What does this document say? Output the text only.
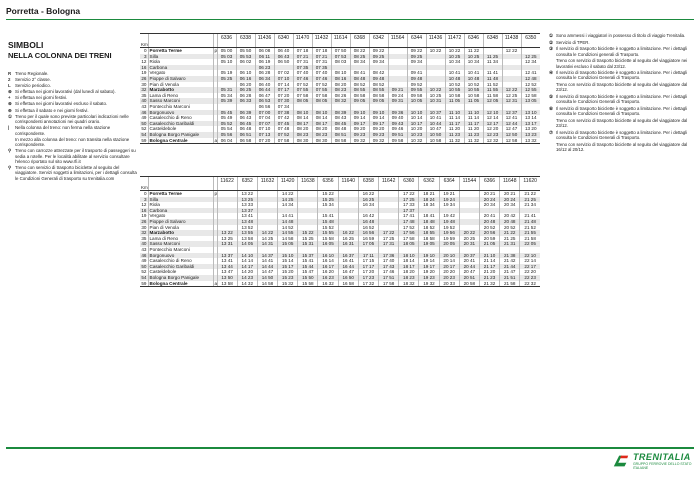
Porretta - Bologna
SIMBOLI
NELLA COLONNA DEI TRENI
R Treno Regionale.
2	Servizio 2° classe.
L Servizio periodico.
⊗ Si effettua nei giorni lavorativi (dal lunedì al sabato).
+	Si effettua nei giorni festivi.
⊗ Si effettua nei giorni lavorativi escluso il sabato.
⊕ Si effettua il sabato e nei giorni festivi.
① Treno per il quale sono previste particolari indicazioni nelle corrispondenti annotazioni nei quadri orario.
|	Nella colonna del treno: non ferma nella stazione corrispondente.
In mezzo alla colonna del treno: non transita nella stazione corrispondente.
⚲ Treno con carrozze attrezzate per il trasporto di passeggeri su sedia a rotelle. Per le località abilitate al servizio consultare l'elenco riportato sul sito www.rfi.it
⚲ Treno con servizio di trasporto biciclette al seguito del viaggiatore. Servizi soggetti a limitazioni, per i dettagli consulta le Condizioni Generali di trasporto su trenitalia.com
			6336	6338	11436	6340	11470	11432	11614	6368	6342	11564	6344	11436	11472	6346	6348	11438	6350
Km																			
0	Porretta Terme	p	05 00	05 50	06 08	06 40	07 18	07 18	07 50	08 22	09 22		09 22	10 22	10 22	11 22		12 22	
3	Silla		05 03	05 53	06 11	06 43	07 21	07 21	07 53	08 25	09 25		09 25		10 25	10 25	11 25		12 25
12	Riola		05 10	06 02	06 19	06 50	07 31	07 31	08 03	08 34	09 34		09 34		10 34	10 34	11 34		12 34
16	Carbona				06 23		07 35	07 35											
19	Vergato		05 19	06 10	06 28	07 02	07 40	07 40	08 10	08 41	08 42		09 41		10 41	10 41	11 41		12 41
26	Pioppe di Salvaro		05 25	06 16	06 34	07 10	07 46	07 46	08 16	08 48	09 48		09 48		10 48	10 48	11 48		12 48
30	Pian di Venola			06 20	06 40	07 14	07 52	07 52	08 20	08 52	08 52		09 52		10 52	10 52	11 52		12 52
32	Marzabotto		05 31	06 25	06 44	07 17	07 55	07 55	08 23	08 55	08 55	09 21	09 55	10 22	10 55	10 55	11 55	12 22	12 55
35	Lama di Reno		05 34	06 28	06 47	07 20	07 58	07 58	08 26	08 58	08 58	09 24	09 58	10 25	10 58	10 58	11 58	12 25	12 58
40	Sasso Marconi		05 39	06 33	06 53	07 30	08 05	08 05	08 32	09 05	09 05	09 31	10 05	10 31	11 05	11 05	12 05	12 31	13 05
43	Pontecchio Marconi				06 56	07 34													
46	Borgonuovo		05 45	06 39	07 00	07 38	08 10	08 10	08 39	09 10	09 10	09 36	10 10	10 37	11 10	11 10	12 10	12 37	13 10
49	Casalecchio di Reno		05 49	06 43	07 04	07 42	08 14	08 14	08 43	09 14	09 14	09 40	10 14	10 41	11 14	11 14	12 14	12 41	13 14
50	Casalecchio Garibaldi		05 52	06 45	07 07	07 45	08 17	08 17	08 45	09 17	09 17	09 43	10 17	10 44	11 17	11 17	12 17	12 44	13 17
52	Casteldebole		05 54	06 48	07 10	07 48	08 20	08 20	08 48	09 20	09 20	09 46	10 20	10 47	11 20	11 20	12 20	12 47	13 20
54	Bologna Borgo Panigale		05 56	06 51	07 13	07 52	08 23	08 23	08 51	09 23	09 23	09 51	10 23	10 50	11 23	11 23	12 23	12 50	13 23
59	Bologna Centrale	a	06 04	06 58	07 20	07 58	08 30	08 30	08 58	09 32	09 32	09 58	10 32	10 58	11 32	11 32	12 32	12 58	13 32
			11622	6352	11632	11420	11638	6356	11640	6358	11642	6360	6362	6364	11544	6366	11648	11620
Km																		
0	Porretta Terme	p		13 22		14 22		15 22		16 22		17 22	18 21	19 21		20 21	20 21	21 22
3	Silla			13 25		14 25		15 25		16 25		17 25	18 24	19 24		20 24	20 24	21 25
12	Riola			13 33		14 34		15 34		16 34		17 33	18 34	19 34		20 34	20 34	21 34
16	Carbona			13 37								17 37						
19	Vergato			13 41		14 41		15 41		16 42		17 41	18 41	19 42		20 41	20 42	21 41
26	Pioppe di Salvaro			13 48		14 48		15 48		16 48		17 48	18 48	19 48		20 48	20 48	21 48
30	Pian di Venola			13 52		14 52		15 52		16 52		17 52	18 52	19 52		20 52	20 52	21 52
32	Marzabotto		13 22	13 55	14 22	14 55	15 22	15 55	16 22	16 56	17 22	17 56	18 55	19 56	20 22	20 56	21 22	21 55
35	Lama di Reno		13 25	13 58	14 25	14 58	15 25	15 58	16 25	16 59	17 25	17 58	18 58	19 59	20 25	20 59	21 25	21 58
40	Sasso Marconi		13 31	14 05	14 31	15 05	15 31	16 05	16 31	17 05	17 31	18 05	19 05	20 05	20 31	21 05	21 31	22 05
43	Pontecchio Marconi																	
46	Borgonuovo		13 37	14 10	14 37	15 10	15 37	16 10	16 37	17 11	17 36	18 10	19 10	20 10	20 37	21 10	21 38	22 10
49	Casalecchio di Reno		13 41	14 14	14 41	15 14	15 41	16 14	16 41	17 15	17 40	18 14	19 14	20 14	20 41	21 14	21 42	22 14
50	Casalecchio Garibaldi		13 44	14 17	14 44	15 17	15 44	16 17	16 44	17 17	17 43	18 17	19 17	20 17	20 44	21 17	21 44	22 17
52	Casteldebole		13 47	14 20	14 47	15 20	15 47	16 20	16 47	17 20	17 46	18 20	19 20	20 20	20 47	21 20	21 47	22 20
54	Bologna Borgo Panigale		13 50	14 23	14 50	15 23	15 50	16 23	16 50	17 23	17 51	18 23	19 23	20 23	20 51	21 23	21 51	22 23
59	Bologna Centrale	a	13 58	14 32	14 58	15 32	15 58	16 32	16 58	17 32	17 58	18 32	19 32	20 33	20 58	21 32	21 58	22 32
① Sono ammessi i viaggiatori in possesso di titolo di viaggio Trenitalia.
② Servizio di TPER.
③ Il servizio di trasporto biciclette è soggetto a limitazione. Per i dettagli consulta le Condizioni generali di Trasporto.
Treno con servizio di trasporto biciclette al seguito del viaggiatore nei lavorativi escluso il sabato dal 23/12.
④ Il servizio di trasporto biciclette è soggetto a limitazione. Per i dettagli consulta le Condizioni Generali di Trasporto.
Treno con servizio di trasporto biciclette al seguito del viaggiatore dal 23/12.
⑤ Il servizio di trasporto biciclette è soggetto a limitazione. Per i dettagli consulta le Condizioni Generali di Trasporto.
⑥ Il servizio di trasporto biciclette è soggetto a limitazione. Per i dettagli consulta le Condizioni Generali di Trasporto.
Treno con servizio di trasporto biciclette al seguito del viaggiatore dal 23/12.
⑦ Il servizio di trasporto biciclette è soggetto a limitazione. Per i dettagli consulta le Condizioni Generali di Trasporto.
Treno con servizio di trasporto biciclette al seguito del viaggiatore dal 16/12 al 20/12.
TRENITALIA
GRUPPO FERROVIE DELLO STATO ITALIANE
